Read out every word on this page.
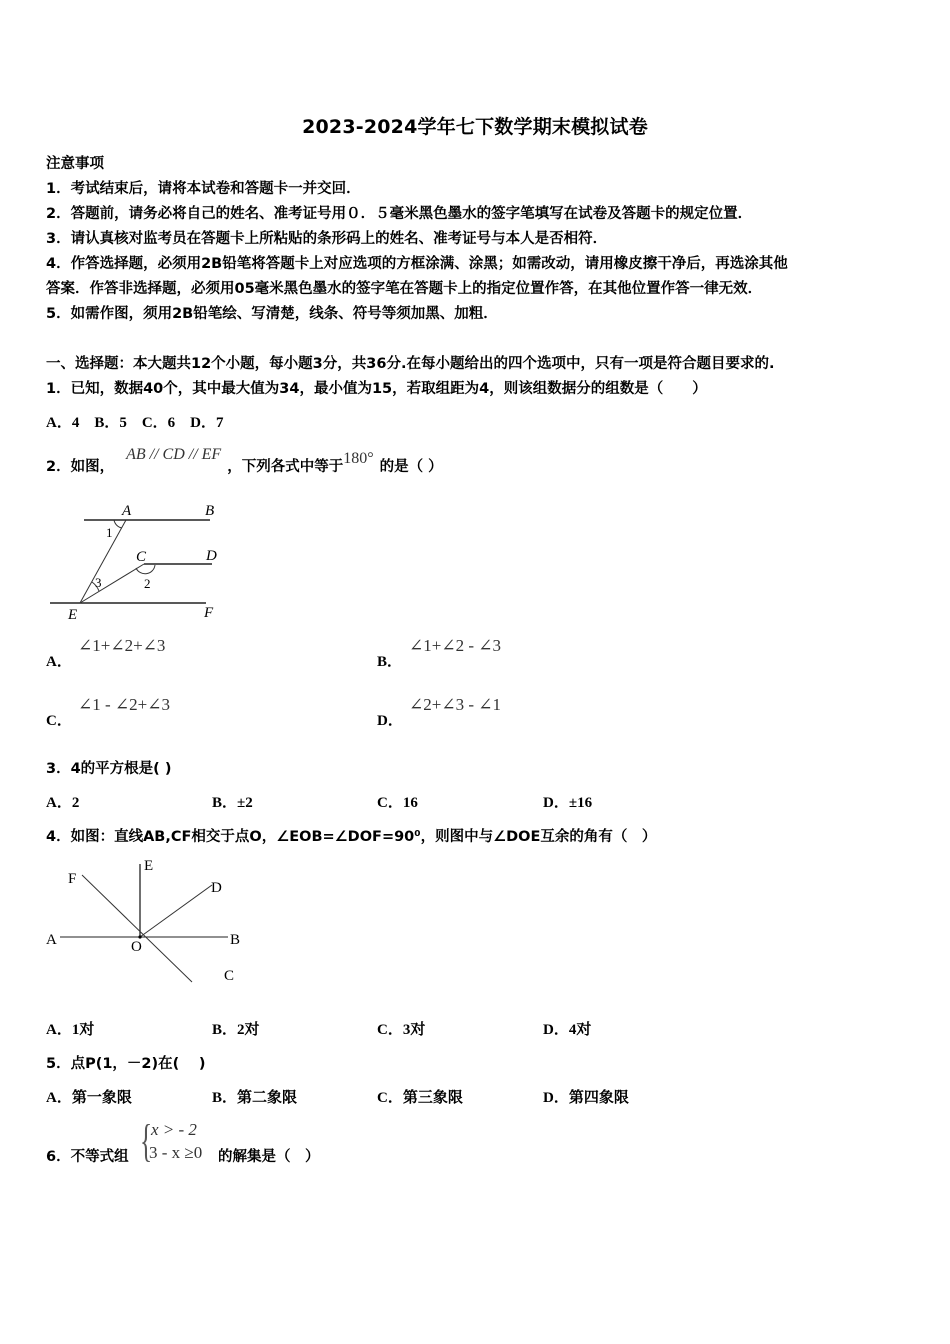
2023-2024学年七下数学期末模拟试卷
注意事项
1．考试结束后，请将本试卷和答题卡一并交回．
2．答题前，请务必将自己的姓名、准考证号用０．５毫米黑色墨水的签字笔填写在试卷及答题卡的规定位置．
3．请认真核对监考员在答题卡上所粘贴的条形码上的姓名、准考证号与本人是否相符．
4．作答选择题，必须用2B铅笔将答题卡上对应选项的方框涂满、涂黑；如需改动，请用橡皮擦干净后，再选涂其他
答案．作答非选择题，必须用05毫米黑色墨水的签字笔在答题卡上的指定位置作答，在其他位置作答一律无效．
5．如需作图，须用2B铅笔绘、写清楚，线条、符号等须加黑、加粗．
一、选择题：本大题共12个小题，每小题3分，共36分.在每小题给出的四个选项中，只有一项是符合题目要求的.
1．已知，数据40个，其中最大值为34，最小值为15，若取组距为4，则该组数据分的组数是（　　）
A．4　B．5　C．6　D．7
2．如图，
AB // CD // EF
，下列各式中等于 180° 的是（ ）
A	B
C	D
E	F
1
2
3
A．
∠1+∠2+∠3
B．
∠1+∠2 - ∠3
C．
∠1 - ∠2+∠3
D．
∠2+∠3 - ∠1
3．4的平方根是( )
A．2	B．±2	C．16	D．±16
4．如图：直线AB,CF相交于点O，∠EOB=∠DOF=90⁰，则图中与∠DOE互余的角有（　）
E
F
D
A	B
O
C
A．1对	B．2对	C．3对	D．4对
5．点P(1，－2)在(　 )
A．第一象限	B．第二象限	C．第三象限	D．第四象限
6．不等式组 {
x > - 2
3 - x ≥0 的解集是（　）
